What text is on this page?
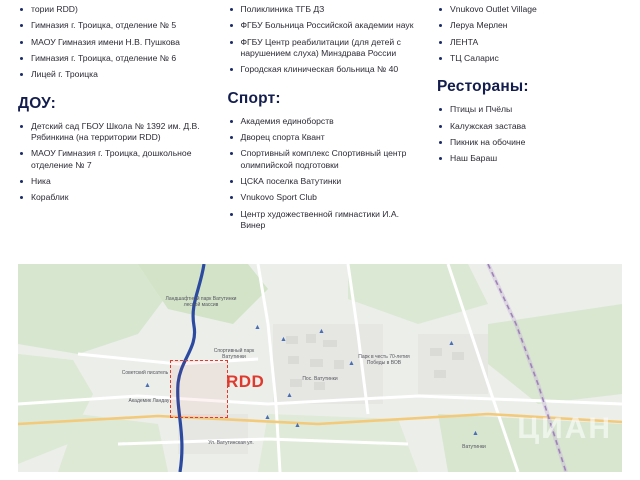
тории RDD)
Гимназия г. Троицка, отделение № 5
МАОУ Гимназия имени Н.В. Пушкова
Гимназия г. Троицка, отделение № 6
Лицей г. Троицка
ДОУ:
Детский сад ГБОУ Школа № 1392 им. Д.В. Рябинкина (на территории RDD)
МАОУ Гимназия г. Троицка, дошкольное отделение № 7
Ника
Кораблик
Поликлиника ТГБ ДЗ
ФГБУ Больница Российской академии наук
ФГБУ Центр реабилитации (для детей с нарушением слуха) Минздрава России
Городская клиническая больница № 40
Спорт:
Академия единоборств
Дворец спорта Квант
Спортивный комплекс Спортивный центр олимпийской подготовки
ЦСКА поселка Ватутинки
Vnukovo Sport Club
Центр художественной гимнастики И.А. Винер
Vnukovo Outlet Village
Леруа Мерлен
ЛЕНТА
ТЦ Саларис
Рестораны:
Птицы и Пчёлы
Калужская застава
Пикник на обочине
Наш Бараш
▲
▲
▲
▲
▲
▲
▲
▲
▲
▲	RDD
Ландшафтный парк Ватутинки лесной массив
Спортивный парк Ватутинки
Советский писатель
Академик Ландау
Пос. Ватутинки
Парк в честь 70-летия Победы в ВОВ
Ватутинки
Ул. Ватутинская ул.	ЦИАН
